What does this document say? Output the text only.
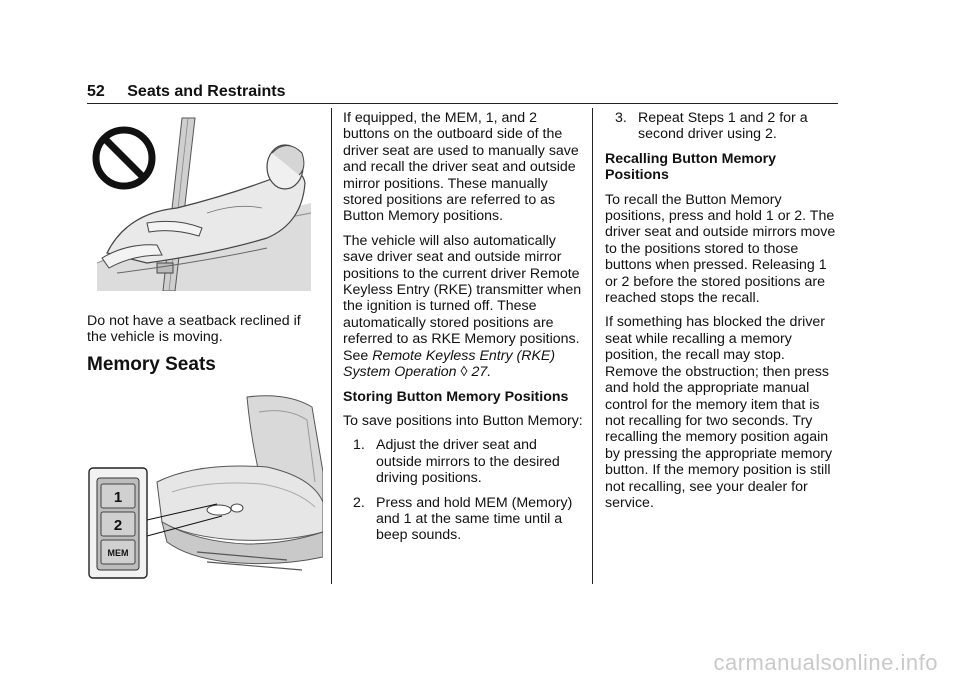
52 Seats and Restraints
Do not have a seatback reclined if the vehicle is moving.
Memory Seats
1
2
MEM

If equipped, the MEM, 1, and 2 buttons on the outboard side of the driver seat are used to manually save and recall the driver seat and outside mirror positions. These manually stored positions are referred to as Button Memory positions.

The vehicle will also automatically save driver seat and outside mirror positions to the current driver Remote Keyless Entry (RKE) transmitter when the ignition is turned off. These automatically stored positions are referred to as RKE Memory positions. See Remote Keyless Entry (RKE) System Operation ◊ 27.

Storing Button Memory Positions

To save positions into Button Memory:

1. Adjust the driver seat and outside mirrors to the desired driving positions.
2. Press and hold MEM (Memory) and 1 at the same time until a beep sounds.
3. Repeat Steps 1 and 2 for a second driver using 2.

Recalling Button Memory Positions

To recall the Button Memory positions, press and hold 1 or 2. The driver seat and outside mirrors move to the positions stored to those buttons when pressed. Releasing 1 or 2 before the stored positions are reached stops the recall.

If something has blocked the driver seat while recalling a memory position, the recall may stop. Remove the obstruction; then press and hold the appropriate manual control for the memory item that is not recalling for two seconds. Try recalling the memory position again by pressing the appropriate memory button. If the memory position is still not recalling, see your dealer for service.

carmanualsonline.info
